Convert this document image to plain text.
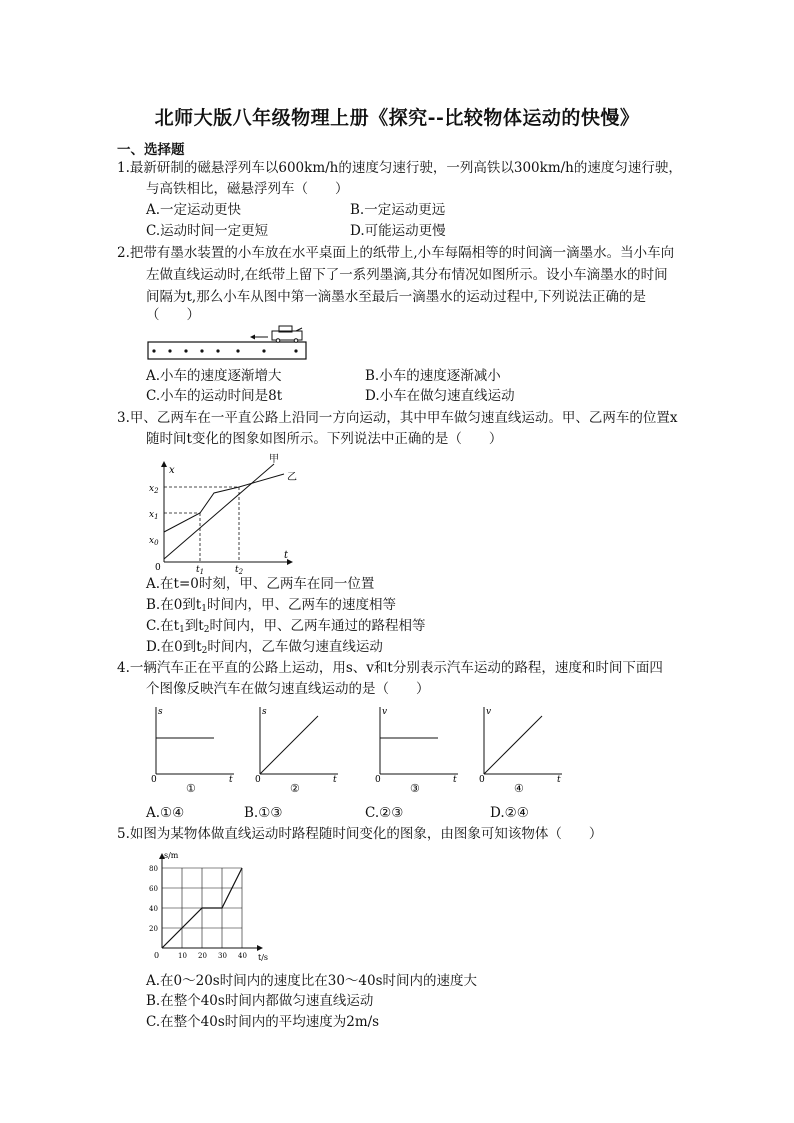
北师大版八年级物理上册《探究--比较物体运动的快慢》
一、选择题
1.最新研制的磁悬浮列车以600km/h的速度匀速行驶，一列高铁以300km/h的速度匀速行驶，
与高铁相比，磁悬浮列车（　　）
A.一定运动更快	B.一定运动更远
C.运动时间一定更短	D.可能运动更慢
2.把带有墨水装置的小车放在水平桌面上的纸带上,小车每隔相等的时间滴一滴墨水。当小车向
左做直线运动时,在纸带上留下了一系列墨滴,其分布情况如图所示。设小车滴墨水的时间
间隔为t,那么小车从图中第一滴墨水至最后一滴墨水的运动过程中,下列说法正确的是
（　　）
A.小车的速度逐渐增大	B.小车的速度逐渐减小
C.小车的运动时间是8t	D.小车在做匀速直线运动
3.甲、乙两车在一平直公路上沿同一方向运动，其中甲车做匀速直线运动。甲、乙两车的位置x
随时间t变化的图象如图所示。下列说法中正确的是（　　）
x
t
0
甲
乙
$x_2$
$x_1$
$x_0$
$t_1$	$t_2$
A.在t=0时刻，甲、乙两车在同一位置
B.在0到$t_1$时间内，甲、乙两车的速度相等
C.在$t_1$到$t_2$时间内，甲、乙两车通过的路程相等
D.在0到$t_2$时间内，乙车做匀速直线运动
4.一辆汽车正在平直的公路上运动，用s、v和t分别表示汽车运动的路程，速度和时间下面四
个图像反映汽车在做匀速直线运动的是（　　）
s
t
0
①
s
t
0
②
v
t
0
③
v
t
0
④
A.①④	B.①③	C.②③	D.②④
5.如图为某物体做直线运动时路程随时间变化的图象，由图象可知该物体（　　）
s/m
t/s
0	10 20 30 40
20
40
60
80
A.在0～20s时间内的速度比在30～40s时间内的速度大
B.在整个40s时间内都做匀速直线运动
C.在整个40s时间内的平均速度为2m/s
